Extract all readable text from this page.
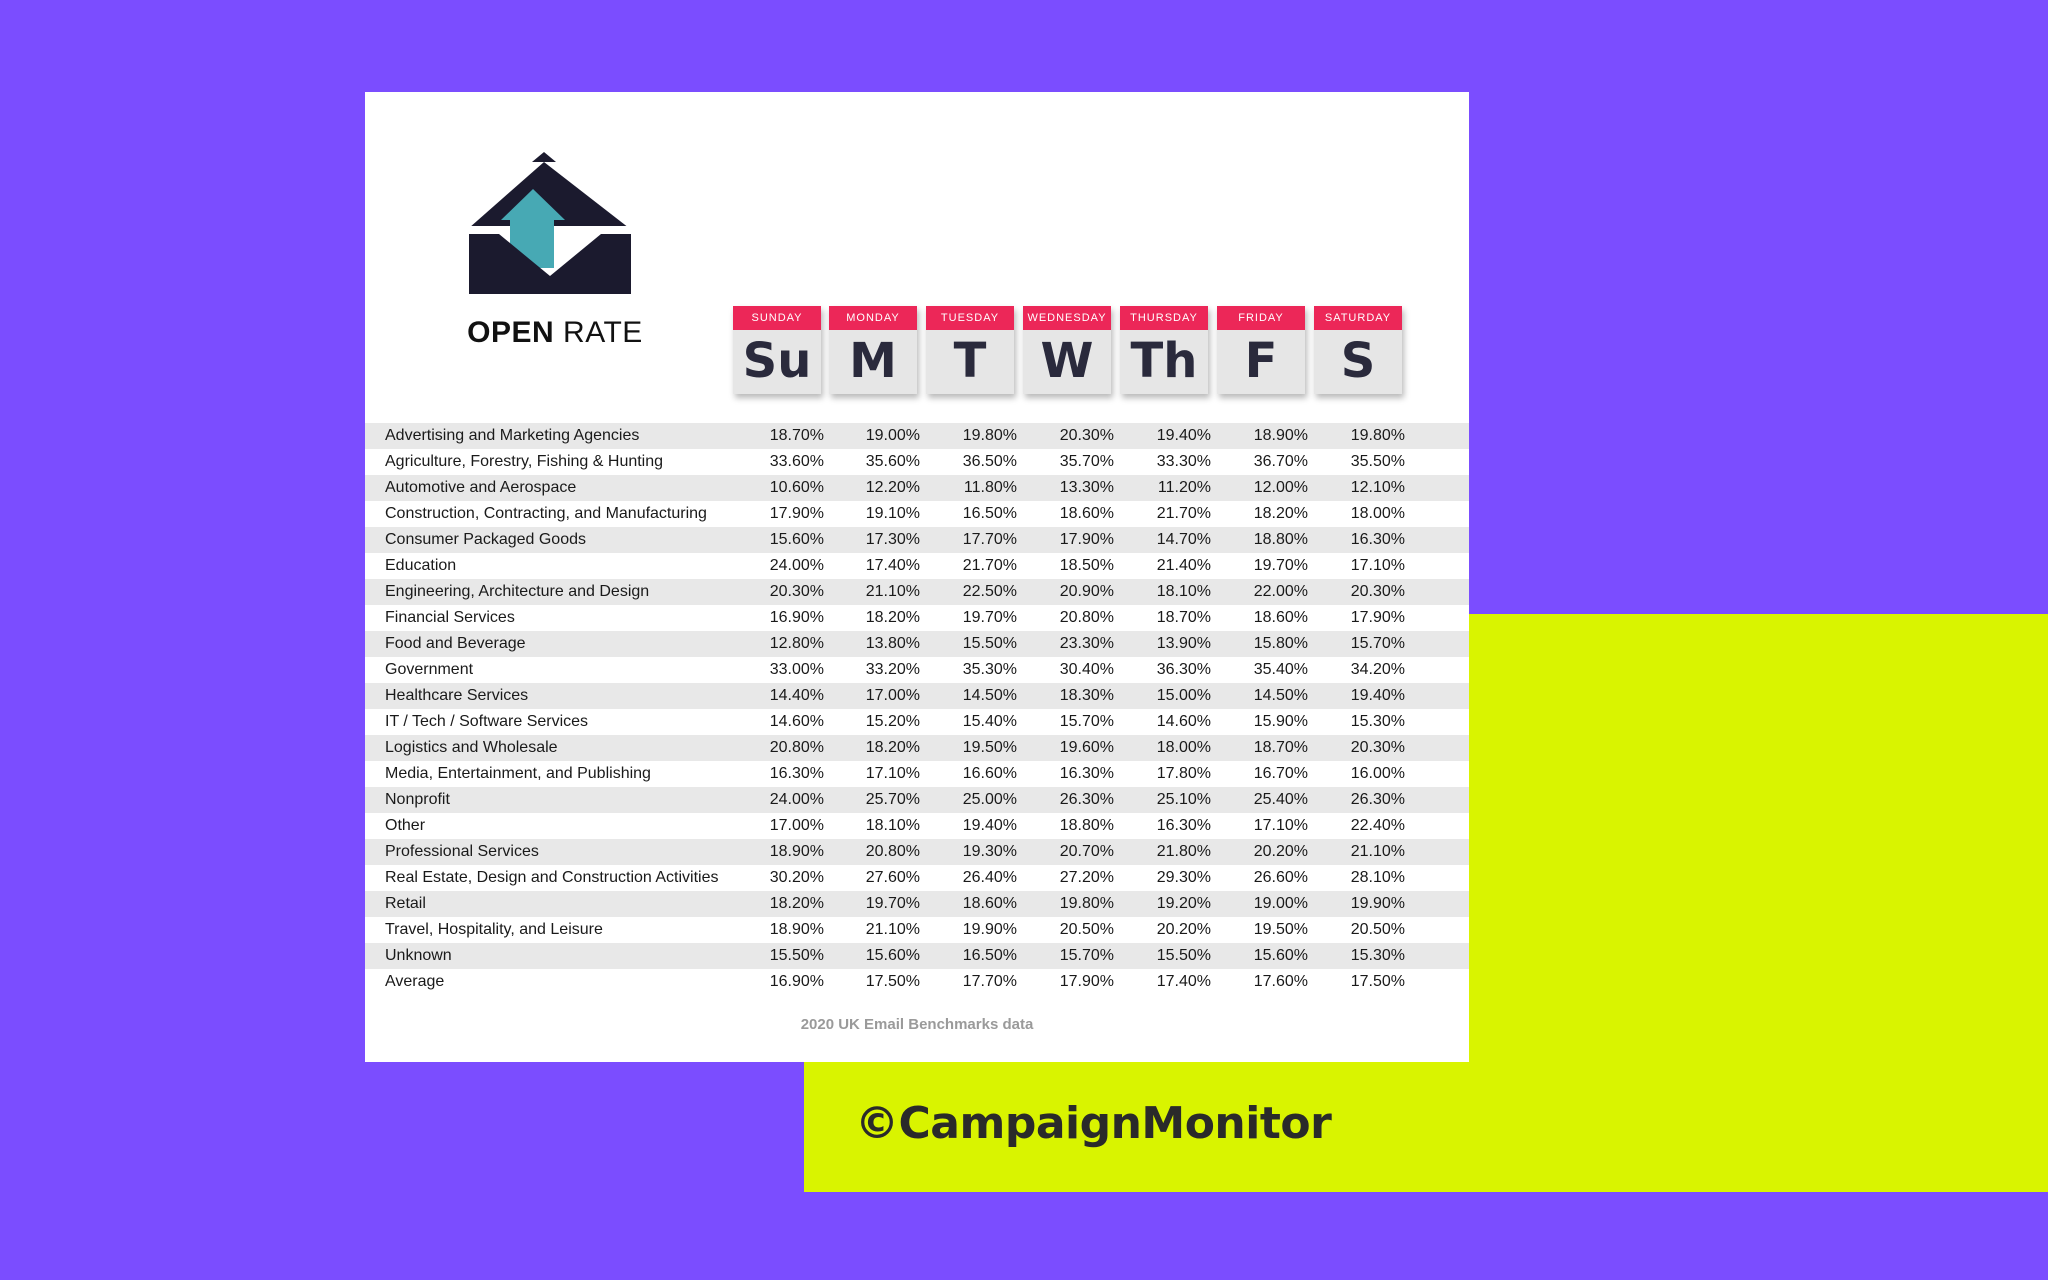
©CampaignMonitor
OPEN RATE	SUNDAY
Su
MONDAY
M
TUESDAY
T
WEDNESDAY
W
THURSDAY
Th
FRIDAY
F
SATURDAY
S
Advertising and Marketing Agencies	18.70%	19.00%	19.80%	20.30%	19.40%	18.90%	19.80%
Agriculture, Forestry, Fishing & Hunting	33.60%	35.60%	36.50%	35.70%	33.30%	36.70%	35.50%
Automotive and Aerospace	10.60%	12.20%	11.80%	13.30%	11.20%	12.00%	12.10%
Construction, Contracting, and Manufacturing	17.90%	19.10%	16.50%	18.60%	21.70%	18.20%	18.00%
Consumer Packaged Goods	15.60%	17.30%	17.70%	17.90%	14.70%	18.80%	16.30%
Education	24.00%	17.40%	21.70%	18.50%	21.40%	19.70%	17.10%
Engineering, Architecture and Design	20.30%	21.10%	22.50%	20.90%	18.10%	22.00%	20.30%
Financial Services	16.90%	18.20%	19.70%	20.80%	18.70%	18.60%	17.90%
Food and Beverage	12.80%	13.80%	15.50%	23.30%	13.90%	15.80%	15.70%
Government	33.00%	33.20%	35.30%	30.40%	36.30%	35.40%	34.20%
Healthcare Services	14.40%	17.00%	14.50%	18.30%	15.00%	14.50%	19.40%
IT / Tech / Software Services	14.60%	15.20%	15.40%	15.70%	14.60%	15.90%	15.30%
Logistics and Wholesale	20.80%	18.20%	19.50%	19.60%	18.00%	18.70%	20.30%
Media, Entertainment, and Publishing	16.30%	17.10%	16.60%	16.30%	17.80%	16.70%	16.00%
Nonprofit	24.00%	25.70%	25.00%	26.30%	25.10%	25.40%	26.30%
Other	17.00%	18.10%	19.40%	18.80%	16.30%	17.10%	22.40%
Professional Services	18.90%	20.80%	19.30%	20.70%	21.80%	20.20%	21.10%
Real Estate, Design and Construction Activities	30.20%	27.60%	26.40%	27.20%	29.30%	26.60%	28.10%
Retail	18.20%	19.70%	18.60%	19.80%	19.20%	19.00%	19.90%
Travel, Hospitality, and Leisure	18.90%	21.10%	19.90%	20.50%	20.20%	19.50%	20.50%
Unknown	15.50%	15.60%	16.50%	15.70%	15.50%	15.60%	15.30%
Average	16.90%	17.50%	17.70%	17.90%	17.40%	17.60%	17.50%
2020 UK Email Benchmarks data
